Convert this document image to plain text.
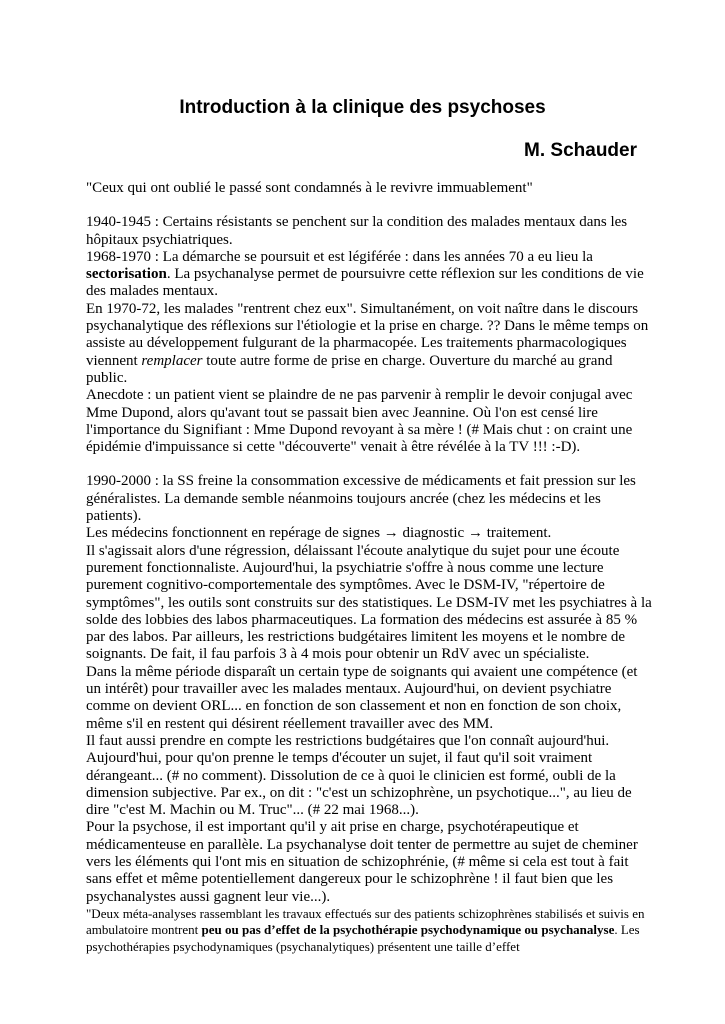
Introduction à la clinique des psychoses
M. Schauder

"Ceux qui ont oublié le passé sont condamnés à le revivre immuablement"

1940-1945 : Certains résistants se penchent sur la condition des malades mentaux dans les hôpitaux psychiatriques.

1968-1970 : La démarche se poursuit et est légiférée : dans les années 70 a eu lieu la sectorisation. La psychanalyse permet de poursuivre cette réflexion sur les conditions de vie des malades mentaux.

En 1970-72, les malades "rentrent chez eux". Simultanément, on voit naître dans le discours psychanalytique des réflexions sur l'étiologie et la prise en charge. ?? Dans le même temps on assiste au développement fulgurant de la pharmacopée. Les traitements pharmacologiques viennent remplacer toute autre forme de prise en charge. Ouverture du marché au grand public.

Anecdote : un patient vient se plaindre de ne pas parvenir à remplir le devoir conjugal avec Mme Dupond, alors qu'avant tout se passait bien avec Jeannine. Où l'on est censé lire l'importance du Signifiant : Mme Dupond revoyant à sa mère ! (# Mais chut : on craint une épidémie d'impuissance si cette "découverte" venait à être révélée à la TV !!! :-D).

1990-2000 : la SS freine la consommation excessive de médicaments et fait pression sur les généralistes. La demande semble néanmoins toujours ancrée (chez les médecins et les patients).

Les médecins fonctionnent en repérage de signes → diagnostic → traitement.

Il s'agissait alors d'une régression, délaissant l'écoute analytique du sujet pour une écoute purement fonctionnaliste. Aujourd'hui, la psychiatrie s'offre à nous comme une lecture purement cognitivo-comportementale des symptômes. Avec le DSM-IV, "répertoire de symptômes", les outils sont construits sur des statistiques. Le DSM-IV met les psychiatres à la solde des lobbies des labos pharmaceutiques. La formation des médecins est assurée à 85 % par des labos. Par ailleurs, les restrictions budgétaires limitent les moyens et le nombre de soignants. De fait, il fau parfois 3 à 4 mois pour obtenir un RdV avec un spécialiste.

Dans la même période disparaît un certain type de soignants qui avaient une compétence (et un intérêt) pour travailler avec les malades mentaux. Aujourd'hui, on devient psychiatre comme on devient ORL... en fonction de son classement et non en fonction de son choix, même s'il en restent qui désirent réellement travailler avec des MM.

Il faut aussi prendre en compte les restrictions budgétaires que l'on connaît aujourd'hui. Aujourd'hui, pour qu'on prenne le temps d'écouter un sujet, il faut qu'il soit vraiment dérangeant... (# no comment). Dissolution de ce à quoi le clinicien est formé, oubli de la dimension subjective. Par ex., on dit : "c'est un schizophrène, un psychotique...", au lieu de dire "c'est M. Machin ou M. Truc"... (# 22 mai 1968...).

Pour la psychose, il est important qu'il y ait prise en charge, psychotérapeutique et médicamenteuse en parallèle. La psychanalyse doit tenter de permettre au sujet de cheminer vers les éléments qui l'ont mis en situation de schizophrénie, (# même si cela est tout à fait sans effet et même potentiellement dangereux pour le schizophrène ! il faut bien que les psychanalystes aussi gagnent leur vie...).

"Deux méta-analyses rassemblant les travaux effectués sur des patients schizophrènes stabilisés et suivis en ambulatoire montrent peu ou pas d’effet de la psychothérapie psychodynamique ou psychanalyse. Les psychothérapies psychodynamiques (psychanalytiques) présentent une taille d’effet
